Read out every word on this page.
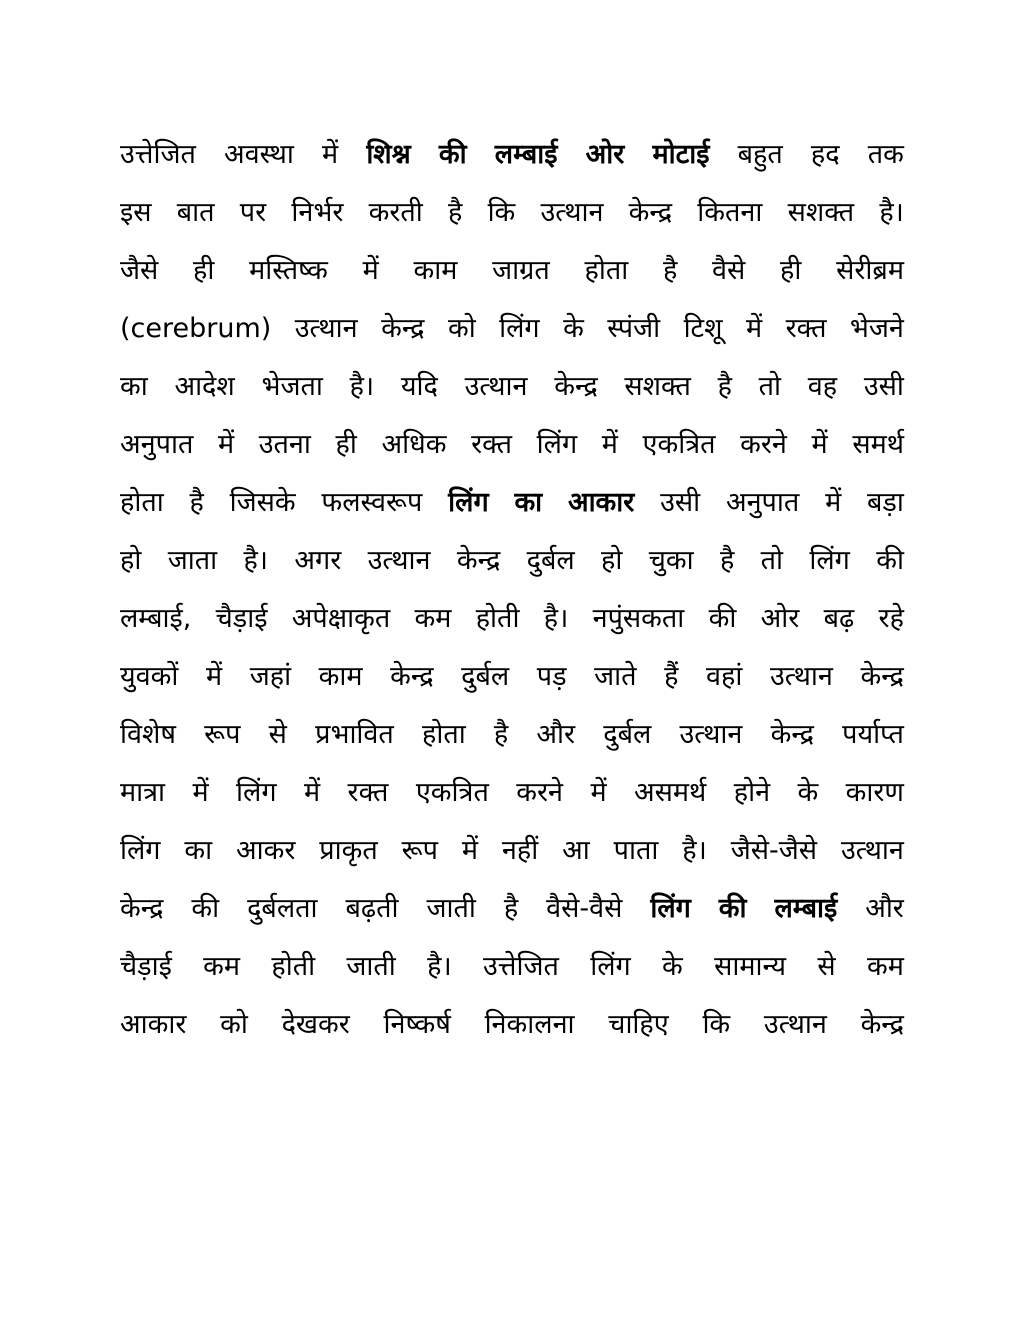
उत्तेजित अवस्था में शिश्न की लम्बाई ओर मोटाई बहुत हद तक
इस बात पर निर्भर करती है कि उत्थान केन्द्र कितना सशक्त है।
जैसे ही मस्तिष्क में काम जाग्रत होता है वैसे ही सेरीब्रम
(cerebrum) उत्थान केन्द्र को लिंग के स्पंजी टिशू में रक्त भेजने
का आदेश भेजता है। यदि उत्थान केन्द्र सशक्त है तो वह उसी
अनुपात में उतना ही अधिक रक्त लिंग में एकत्रित करने में समर्थ
होता है जिसके फलस्वरूप लिंग का आकार उसी अनुपात में बड़ा
हो जाता है। अगर उत्थान केन्द्र दुर्बल हो चुका है तो लिंग की
लम्बाई, चैड़ाई अपेक्षाकृत कम होती है। नपुंसकता की ओर बढ़ रहे
युवकों में जहां काम केन्द्र दुर्बल पड़ जाते हैं वहां उत्थान केन्द्र
विशेष रूप से प्रभावित होता है और दुर्बल उत्थान केन्द्र पर्याप्त
मात्रा में लिंग में रक्त एकत्रित करने में असमर्थ होने के कारण
लिंग का आकर प्राकृत रूप में नहीं आ पाता है। जैसे-जैसे उत्थान
केन्द्र की दुर्बलता बढ़ती जाती है वैसे-वैसे लिंग की लम्बाई और
चैड़ाई कम होती जाती है। उत्तेजित लिंग के सामान्य से कम
आकार को देखकर निष्कर्ष निकालना चाहिए कि उत्थान केन्द्र
